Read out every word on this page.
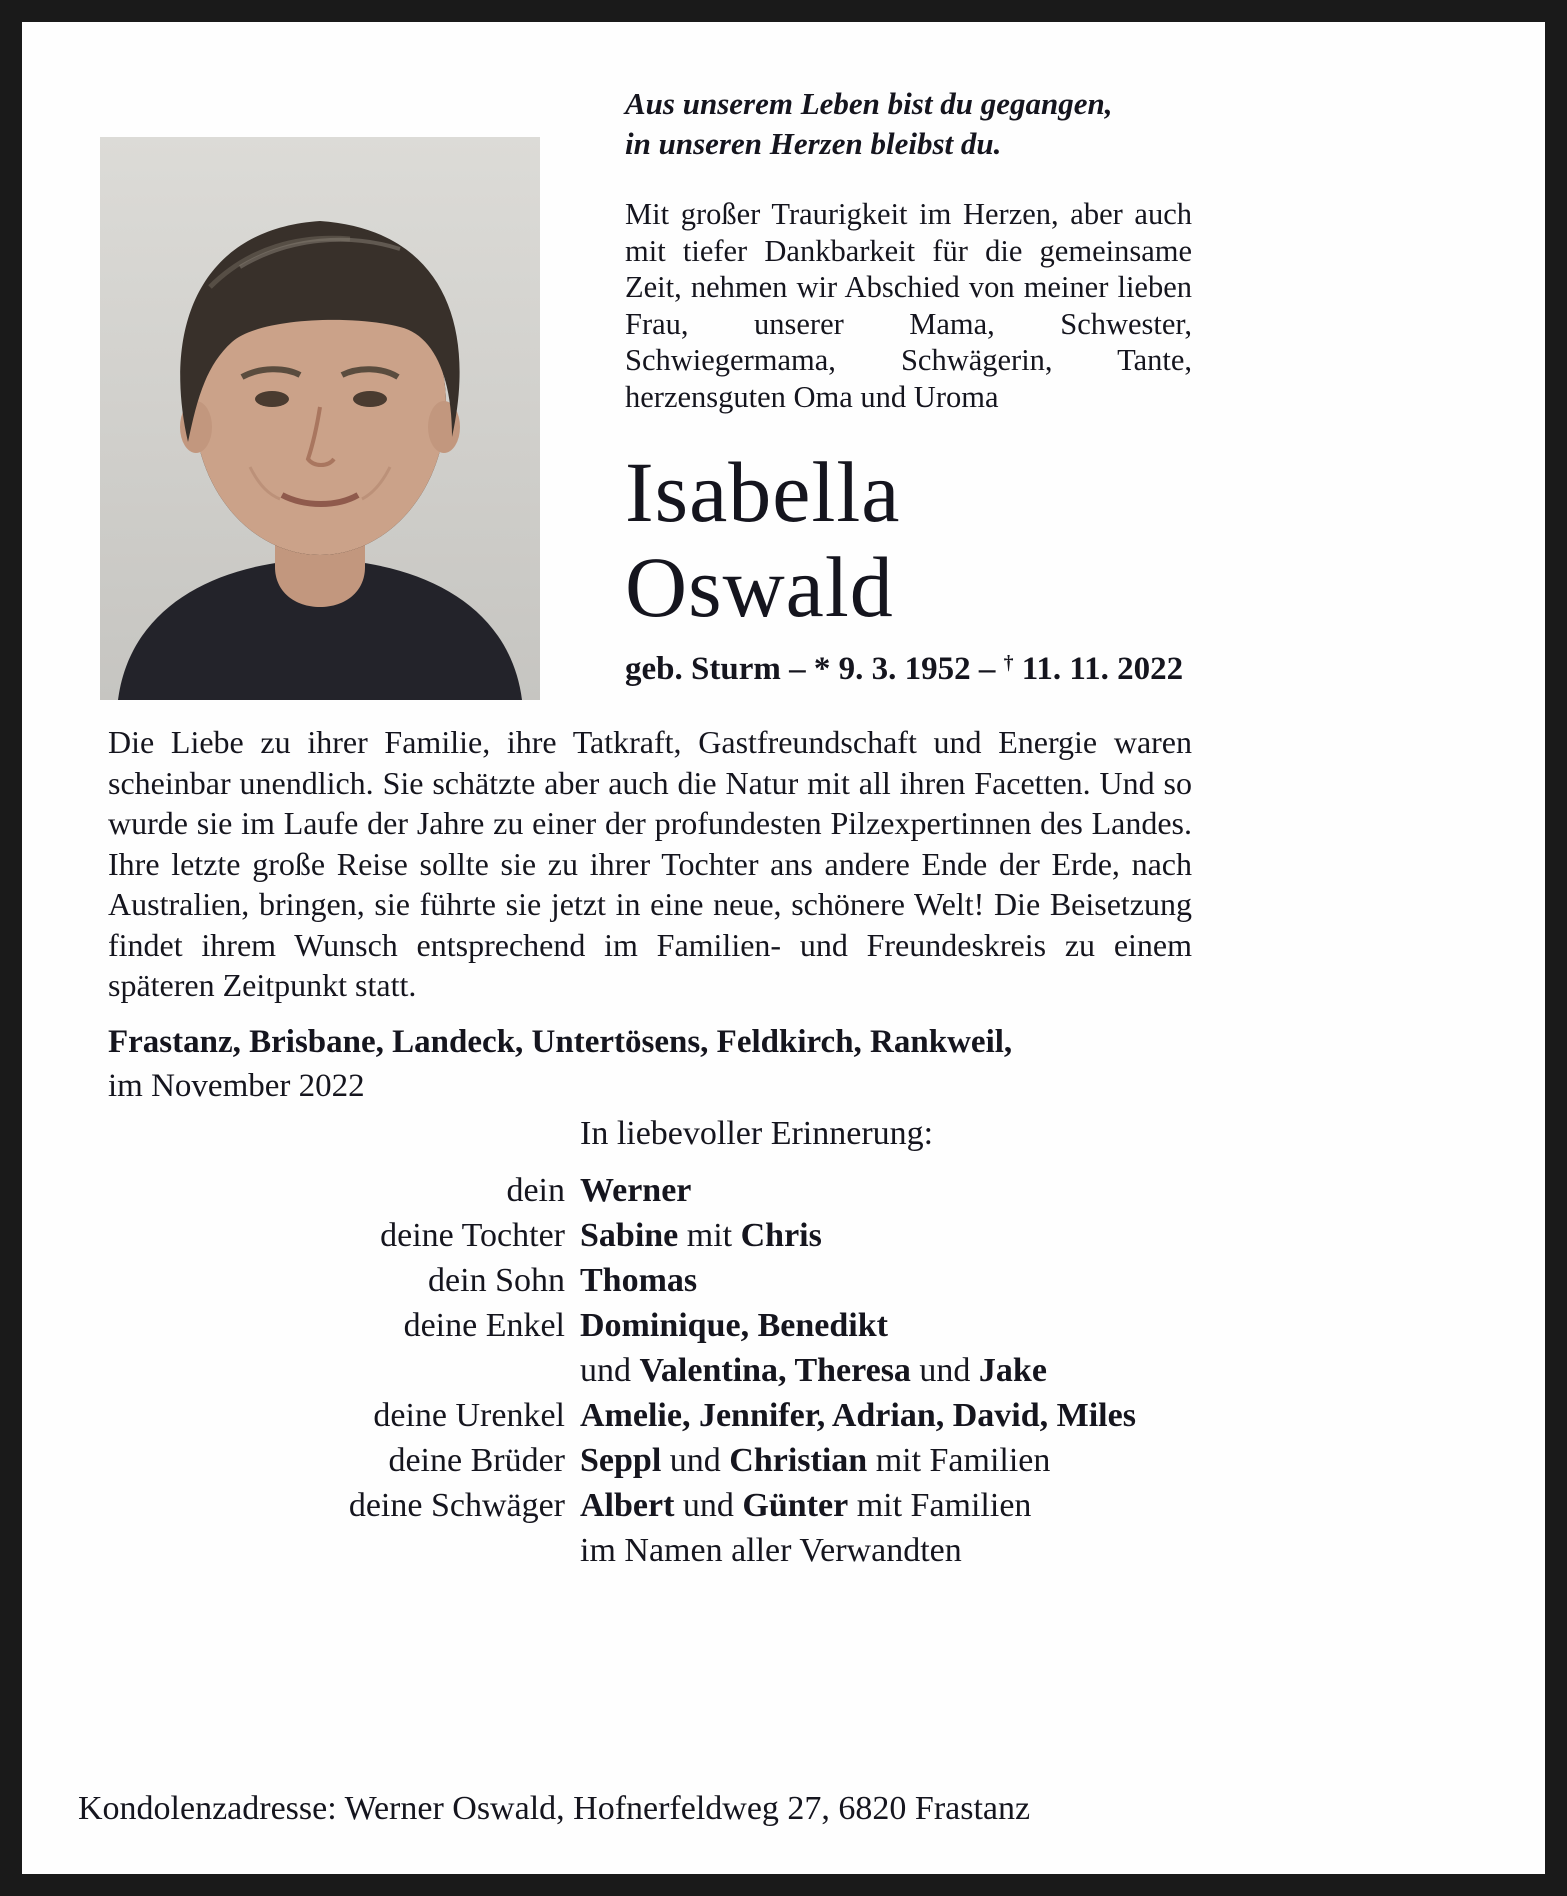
Aus unserem Leben bist du gegangen,
in unseren Herzen bleibst du.

Mit großer Traurigkeit im Herzen, aber auch mit tiefer Dankbarkeit für die gemeinsame Zeit, nehmen wir Abschied von meiner lieben Frau, unserer Mama, Schwester, Schwiegermama, Schwägerin, Tante, herzensguten Oma und Uroma

Isabella
Oswald
geb. Sturm – * 9. 3. 1952 – † 11. 11. 2022

Die Liebe zu ihrer Familie, ihre Tatkraft, Gastfreundschaft und Energie waren scheinbar unendlich. Sie schätzte aber auch die Natur mit all ihren Facetten. Und so wurde sie im Laufe der Jahre zu einer der profundesten Pilzexpertinnen des Landes. Ihre letzte große Reise sollte sie zu ihrer Tochter ans andere Ende der Erde, nach Australien, bringen, sie führte sie jetzt in eine neue, schönere Welt! Die Beisetzung findet ihrem Wunsch entsprechend im Familien- und Freundeskreis zu einem späteren Zeitpunkt statt.

Frastanz, Brisbane, Landeck, Untertösens, Feldkirch, Rankweil,
im November 2022
In liebevoller Erinnerung:
dein Werner
deine Tochter Sabine mit Chris
dein Sohn Thomas
deine Enkel Dominique, Benedikt
und Valentina, Theresa und Jake
deine Urenkel Amelie, Jennifer, Adrian, David, Miles
deine Brüder Seppl und Christian mit Familien
deine Schwäger Albert und Günter mit Familien
im Namen aller Verwandten
Kondolenzadresse: Werner Oswald, Hofnerfeldweg 27, 6820 Frastanz
